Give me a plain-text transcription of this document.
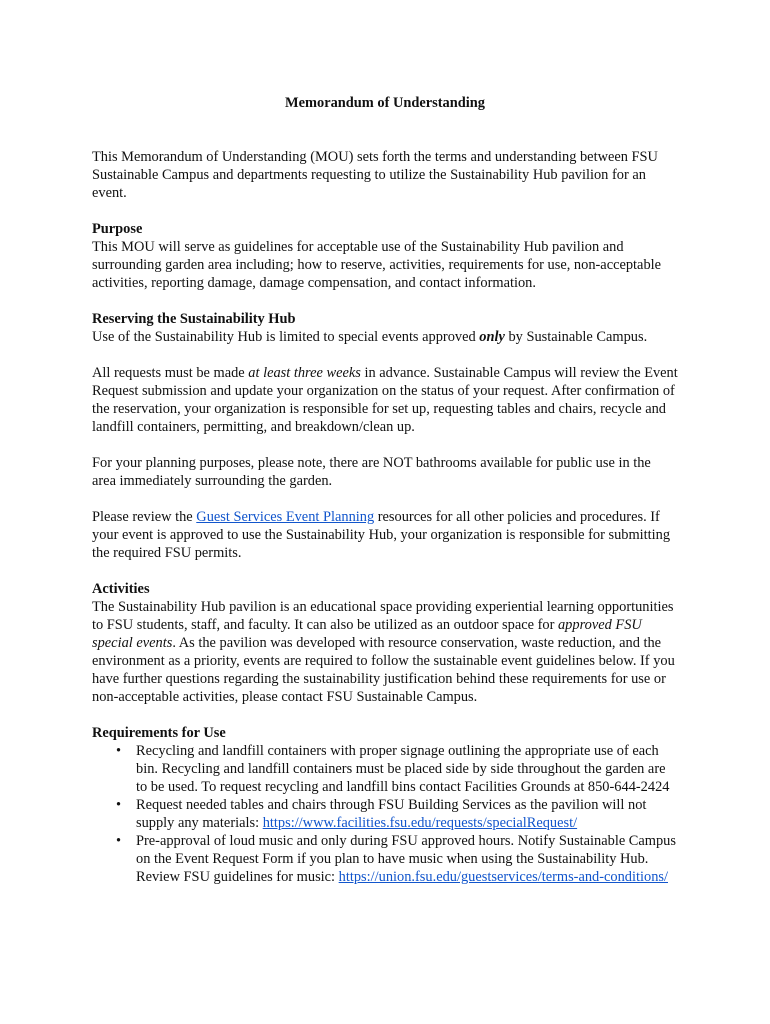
Memorandum of Understanding

This Memorandum of Understanding (MOU) sets forth the terms and understanding between FSU Sustainable Campus and departments requesting to utilize the Sustainability Hub pavilion for an event.

Purpose
This MOU will serve as guidelines for acceptable use of the Sustainability Hub pavilion and surrounding garden area including; how to reserve, activities, requirements for use, non-acceptable activities, reporting damage, damage compensation, and contact information.
Reserving the Sustainability Hub
Use of the Sustainability Hub is limited to special events approved only by Sustainable Campus.

All requests must be made at least three weeks in advance. Sustainable Campus will review the Event Request submission and update your organization on the status of your request. After confirmation of the reservation, your organization is responsible for set up, requesting tables and chairs, recycle and landfill containers, permitting, and breakdown/clean up.

For your planning purposes, please note, there are NOT bathrooms available for public use in the area immediately surrounding the garden.

Please review the Guest Services Event Planning resources for all other policies and procedures. If your event is approved to use the Sustainability Hub, your organization is responsible for submitting the required FSU permits.

Activities
The Sustainability Hub pavilion is an educational space providing experiential learning opportunities to FSU students, staff, and faculty. It can also be utilized as an outdoor space for approved FSU special events. As the pavilion was developed with resource conservation, waste reduction, and the environment as a priority, events are required to follow the sustainable event guidelines below. If you have further questions regarding the sustainability justification behind these requirements for use or non-acceptable activities, please contact FSU Sustainable Campus.
Requirements for Use
• Recycling and landfill containers with proper signage outlining the appropriate use of each bin. Recycling and landfill containers must be placed side by side throughout the garden are to be used. To request recycling and landfill bins contact Facilities Grounds at 850-644-2424
• Request needed tables and chairs through FSU Building Services as the pavilion will not supply any materials: https://www.facilities.fsu.edu/requests/specialRequest/
• Pre-approval of loud music and only during FSU approved hours. Notify Sustainable Campus on the Event Request Form if you plan to have music when using the Sustainability Hub. Review FSU guidelines for music: https://union.fsu.edu/guestservices/terms-and-conditions/
